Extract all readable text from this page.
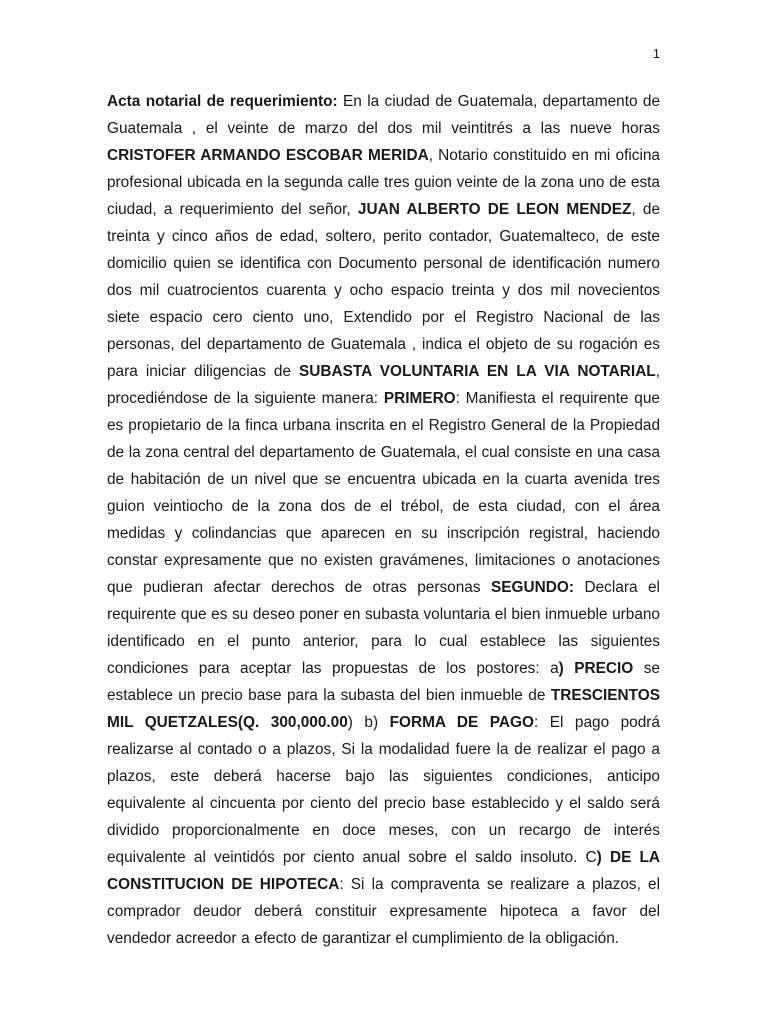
1

Acta notarial de requerimiento: En la ciudad de Guatemala, departamento de Guatemala , el veinte de marzo del dos mil veintitrés a las nueve horas CRISTOFER ARMANDO ESCOBAR MERIDA, Notario constituido en mi oficina profesional ubicada en la segunda calle tres guion veinte de la zona uno de esta ciudad, a requerimiento del señor, JUAN ALBERTO DE LEON MENDEZ, de treinta y cinco años de edad, soltero, perito contador, Guatemalteco, de este domicilio quien se identifica con Documento personal de identificación numero dos mil cuatrocientos cuarenta y ocho espacio treinta y dos mil novecientos siete espacio cero ciento uno, Extendido por el Registro Nacional de las personas, del departamento de Guatemala , indica el objeto de su rogación es para iniciar diligencias de SUBASTA VOLUNTARIA EN LA VIA NOTARIAL, procediéndose de la siguiente manera: PRIMERO: Manifiesta el requirente que es propietario de la finca urbana inscrita en el Registro General de la Propiedad de la zona central del departamento de Guatemala, el cual consiste en una casa de habitación de un nivel que se encuentra ubicada en la cuarta avenida tres guion veintiocho de la zona dos de el trébol, de esta ciudad, con el área medidas y colindancias que aparecen en su inscripción registral, haciendo constar expresamente que no existen gravámenes, limitaciones o anotaciones que pudieran afectar derechos de otras personas SEGUNDO: Declara el requirente que es su deseo poner en subasta voluntaria el bien inmueble urbano identificado en el punto anterior, para lo cual establece las siguientes condiciones para aceptar las propuestas de los postores: a) PRECIO se establece un precio base para la subasta del bien inmueble de TRESCIENTOS MIL QUETZALES(Q. 300,000.00) b) FORMA DE PAGO: El pago podrá realizarse al contado o a plazos, Si la modalidad fuere la de realizar el pago a plazos, este deberá hacerse bajo las siguientes condiciones, anticipo equivalente al cincuenta por ciento del precio base establecido y el saldo será dividido proporcionalmente en doce meses, con un recargo de interés equivalente al veintidós por ciento anual sobre el saldo insoluto. C) DE LA CONSTITUCION DE HIPOTECA: Si la compraventa se realizare a plazos, el comprador deudor deberá constituir expresamente hipoteca a favor del vendedor acreedor a efecto de garantizar el cumplimiento de la obligación.
